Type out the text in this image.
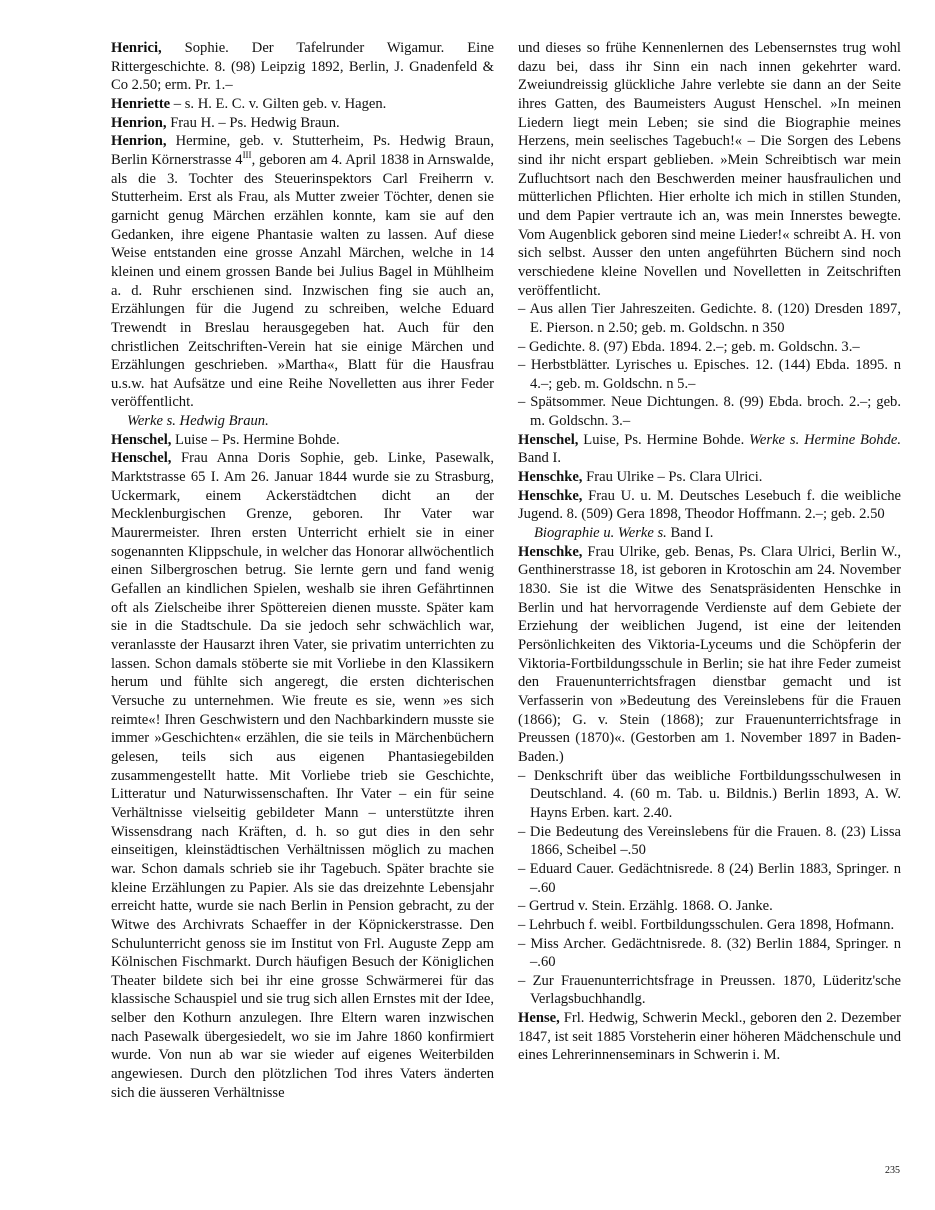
Henrici, Sophie. Der Tafelrunder Wigamur. Eine Rittergeschichte. 8. (98) Leipzig 1892, Berlin, J. Gnadenfeld & Co 2.50; erm. Pr. 1.–

Henriette – s. H. E. C. v. Gilten geb. v. Hagen.

Henrion, Frau H. – Ps. Hedwig Braun.

Henrion, Hermine, geb. v. Stutterheim, Ps. Hedwig Braun, Berlin Körnerstrasse $4^{III}$, geboren am 4. April 1838 in Arnswalde, als die 3. Tochter des Steuerinspektors Carl Freiherrn v. Stutterheim. Erst als Frau, als Mutter zweier Töchter, denen sie garnicht genug Märchen erzählen konnte, kam sie auf den Gedanken, ihre eigene Phantasie walten zu lassen. Auf diese Weise entstanden eine grosse Anzahl Märchen, welche in 14 kleinen und einem grossen Bande bei Julius Bagel in Mühlheim a. d. Ruhr erschienen sind. Inzwischen fing sie auch an, Erzählungen für die Jugend zu schreiben, welche Eduard Trewendt in Breslau herausgegeben hat. Auch für den christlichen Zeitschriften-Verein hat sie einige Märchen und Erzählungen geschrieben. »Martha«, Blatt für die Hausfrau u.s.w. hat Aufsätze und eine Reihe Novelletten aus ihrer Feder veröffentlicht.

Werke s. Hedwig Braun.

Henschel, Luise – Ps. Hermine Bohde.

Henschel, Frau Anna Doris Sophie, geb. Linke, Pasewalk, Marktstrasse 65 I. Am 26. Januar 1844 wurde sie zu Strasburg, Uckermark, einem Ackerstädtchen dicht an der Mecklenburgischen Grenze, geboren. Ihr Vater war Maurermeister. Ihren ersten Unterricht erhielt sie in einer sogenannten Klippschule, in welcher das Honorar allwöchentlich einen Silbergroschen betrug. Sie lernte gern und fand wenig Gefallen an kindlichen Spielen, weshalb sie ihren Gefährtinnen oft als Zielscheibe ihrer Spöttereien dienen musste. Später kam sie in die Stadtschule. Da sie jedoch sehr schwächlich war, veranlasste der Hausarzt ihren Vater, sie privatim unterrichten zu lassen. Schon damals stöberte sie mit Vorliebe in den Klassikern herum und fühlte sich angeregt, die ersten dichterischen Versuche zu unternehmen. Wie freute es sie, wenn »es sich reimte«! Ihren Geschwistern und den Nachbarkindern musste sie immer »Geschichten« erzählen, die sie teils in Märchenbüchern gelesen, teils sich aus eigenen Phantasiegebilden zusammengestellt hatte. Mit Vorliebe trieb sie Geschichte, Litteratur und Naturwissenschaften. Ihr Vater – ein für seine Verhältnisse vielseitig gebildeter Mann – unterstützte ihren Wissensdrang nach Kräften, d. h. so gut dies in den sehr einseitigen, kleinstädtischen Verhältnissen möglich zu machen war. Schon damals schrieb sie ihr Tagebuch. Später brachte sie kleine Erzählungen zu Papier. Als sie das dreizehnte Lebensjahr erreicht hatte, wurde sie nach Berlin in Pension gebracht, zu der Witwe des Archivrats Schaeffer in der Köpnickerstrasse. Den Schulunterricht genoss sie im Institut von Frl. Auguste Zepp am Kölnischen Fischmarkt. Durch häufigen Besuch der Königlichen Theater bildete sich bei ihr eine grosse Schwärmerei für das klassische Schauspiel und sie trug sich allen Ernstes mit der Idee, selber den Kothurn anzulegen. Ihre Eltern waren inzwischen nach Pasewalk übergesiedelt, wo sie im Jahre 1860 konfirmiert wurde. Von nun ab war sie wieder auf eigenes Weiterbilden angewiesen. Durch den plötzlichen Tod ihres Vaters änderten sich die äusseren Verhältnisse

und dieses so frühe Kennenlernen des Lebensernstes trug wohl dazu bei, dass ihr Sinn ein nach innen gekehrter ward. Zweiundreissig glückliche Jahre verlebte sie dann an der Seite ihres Gatten, des Baumeisters August Henschel. »In meinen Liedern liegt mein Leben; sie sind die Biographie meines Herzens, mein seelisches Tagebuch!« – Die Sorgen des Lebens sind ihr nicht erspart geblieben. »Mein Schreibtisch war mein Zufluchtsort nach den Beschwerden meiner hausfraulichen und mütterlichen Pflichten. Hier erholte ich mich in stillen Stunden, und dem Papier vertraute ich an, was mein Innerstes bewegte. Vom Augenblick geboren sind meine Lieder!« schreibt A. H. von sich selbst. Ausser den unten angeführten Büchern sind noch verschiedene kleine Novellen und Novelletten in Zeitschriften veröffentlicht.

– Aus allen Tier Jahreszeiten. Gedichte. 8. (120) Dresden 1897, E. Pierson. n 2.50; geb. m. Goldschn. n 350

– Gedichte. 8. (97) Ebda. 1894. 2.–; geb. m. Goldschn. 3.–

– Herbstblätter. Lyrisches u. Episches. 12. (144) Ebda. 1895. n 4.–; geb. m. Goldschn. n 5.–

– Spätsommer. Neue Dichtungen. 8. (99) Ebda. broch. 2.–; geb. m. Goldschn. 3.–

Henschel, Luise, Ps. Hermine Bohde. Werke s. Hermine Bohde. Band I.

Henschke, Frau Ulrike – Ps. Clara Ulrici.

Henschke, Frau U. u. M. Deutsches Lesebuch f. die weibliche Jugend. 8. (509) Gera 1898, Theodor Hoffmann. 2.–; geb. 2.50

Biographie u. Werke s. Band I.

Henschke, Frau Ulrike, geb. Benas, Ps. Clara Ulrici, Berlin W., Genthinerstrasse 18, ist geboren in Krotoschin am 24. November 1830. Sie ist die Witwe des Senatspräsidenten Henschke in Berlin und hat hervorragende Verdienste auf dem Gebiete der Erziehung der weiblichen Jugend, ist eine der leitenden Persönlichkeiten des Viktoria-Lyceums und die Schöpferin der Viktoria-Fortbildungsschule in Berlin; sie hat ihre Feder zumeist den Frauenunterrichtsfragen dienstbar gemacht und ist Verfasserin von »Bedeutung des Vereinslebens für die Frauen (1866); G. v. Stein (1868); zur Frauenunterrichtsfrage in Preussen (1870)«. (Gestorben am 1. November 1897 in Baden-Baden.)

– Denkschrift über das weibliche Fortbildungsschulwesen in Deutschland. 4. (60 m. Tab. u. Bildnis.) Berlin 1893, A. W. Hayns Erben. kart. 2.40.

– Die Bedeutung des Vereinslebens für die Frauen. 8. (23) Lissa 1866, Scheibel –.50

– Eduard Cauer. Gedächtnisrede. 8 (24) Berlin 1883, Springer. n –.60

– Gertrud v. Stein. Erzählg. 1868. O. Janke.

– Lehrbuch f. weibl. Fortbildungsschulen. Gera 1898, Hofmann.

– Miss Archer. Gedächtnisrede. 8. (32) Berlin 1884, Springer. n –.60

– Zur Frauenunterrichtsfrage in Preussen. 1870, Lüderitz'sche Verlagsbuchhandlg.

Hense, Frl. Hedwig, Schwerin Meckl., geboren den 2. Dezember 1847, ist seit 1885 Vorsteherin einer höheren Mädchenschule und eines Lehrerinnenseminars in Schwerin i. M.

235
